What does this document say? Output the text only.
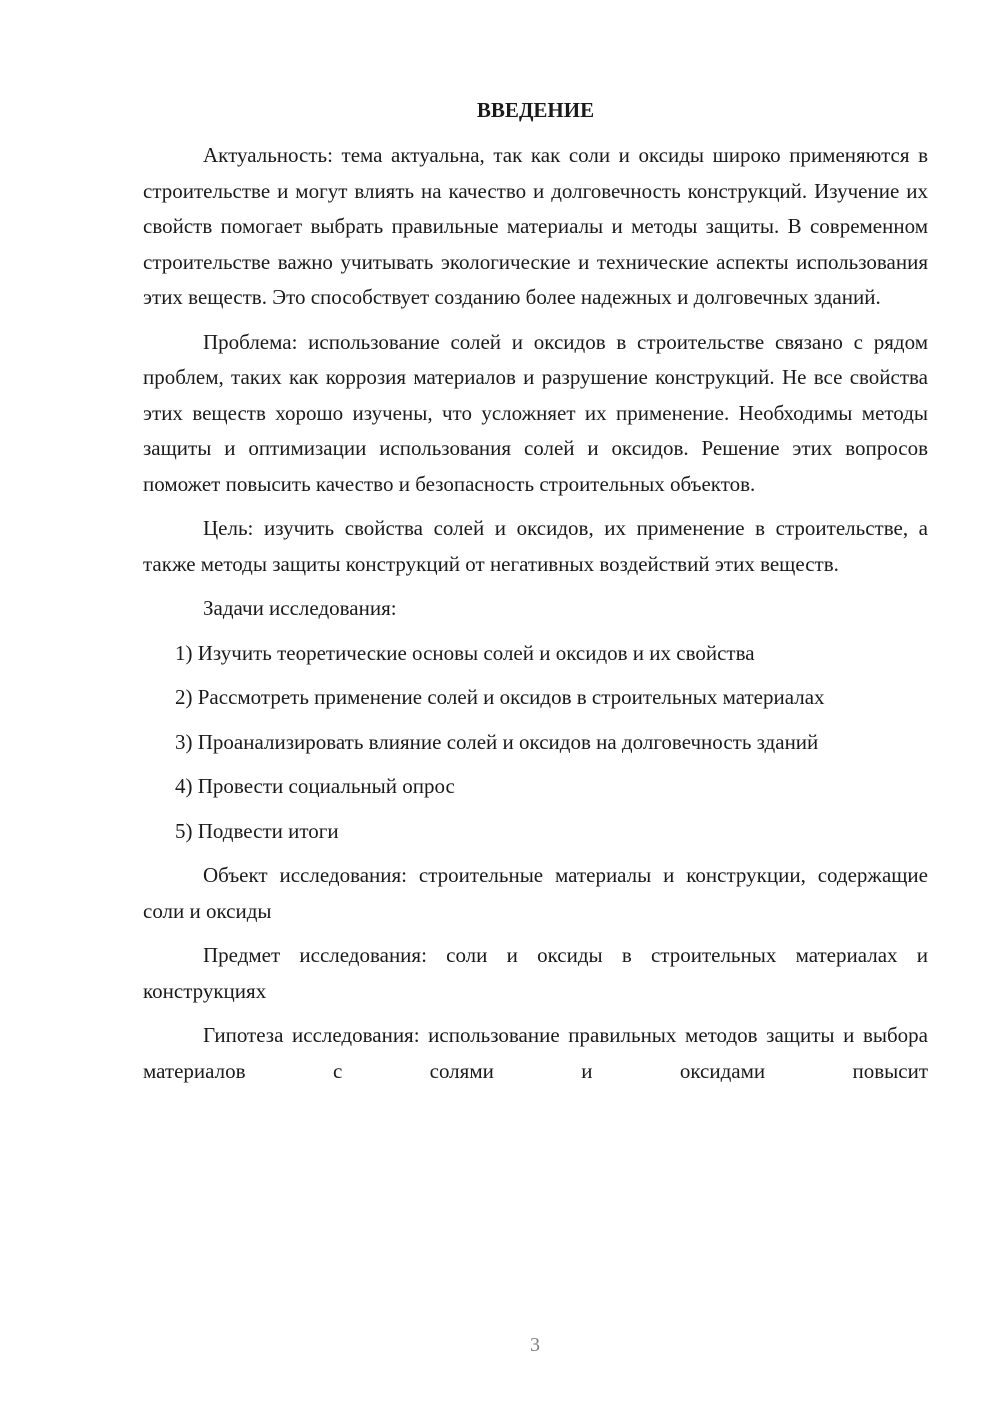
ВВЕДЕНИЕ

Актуальность: тема актуальна, так как соли и оксиды широко применяются в строительстве и могут влиять на качество и долговечность конструкций. Изучение их свойств помогает выбрать правильные материалы и методы защиты. В современном строительстве важно учитывать экологические и технические аспекты использования этих веществ. Это способствует созданию более надежных и долговечных зданий.

Проблема: использование солей и оксидов в строительстве связано с рядом проблем, таких как коррозия материалов и разрушение конструкций. Не все свойства этих веществ хорошо изучены, что усложняет их применение. Необходимы методы защиты и оптимизации использования солей и оксидов. Решение этих вопросов поможет повысить качество и безопасность строительных объектов.

Цель: изучить свойства солей и оксидов, их применение в строительстве, а также методы защиты конструкций от негативных воздействий этих веществ.

Задачи исследования:

1) Изучить теоретические основы солей и оксидов и их свойства

2) Рассмотреть применение солей и оксидов в строительных материалах

3) Проанализировать влияние солей и оксидов на долговечность зданий

4) Провести социальный опрос

5) Подвести итоги

Объект исследования: строительные материалы и конструкции, содержащие соли и оксиды

Предмет исследования: соли и оксиды в строительных материалах и конструкциях

Гипотеза исследования: использование правильных методов защиты и выбора материалов с солями и оксидами повысит

3
